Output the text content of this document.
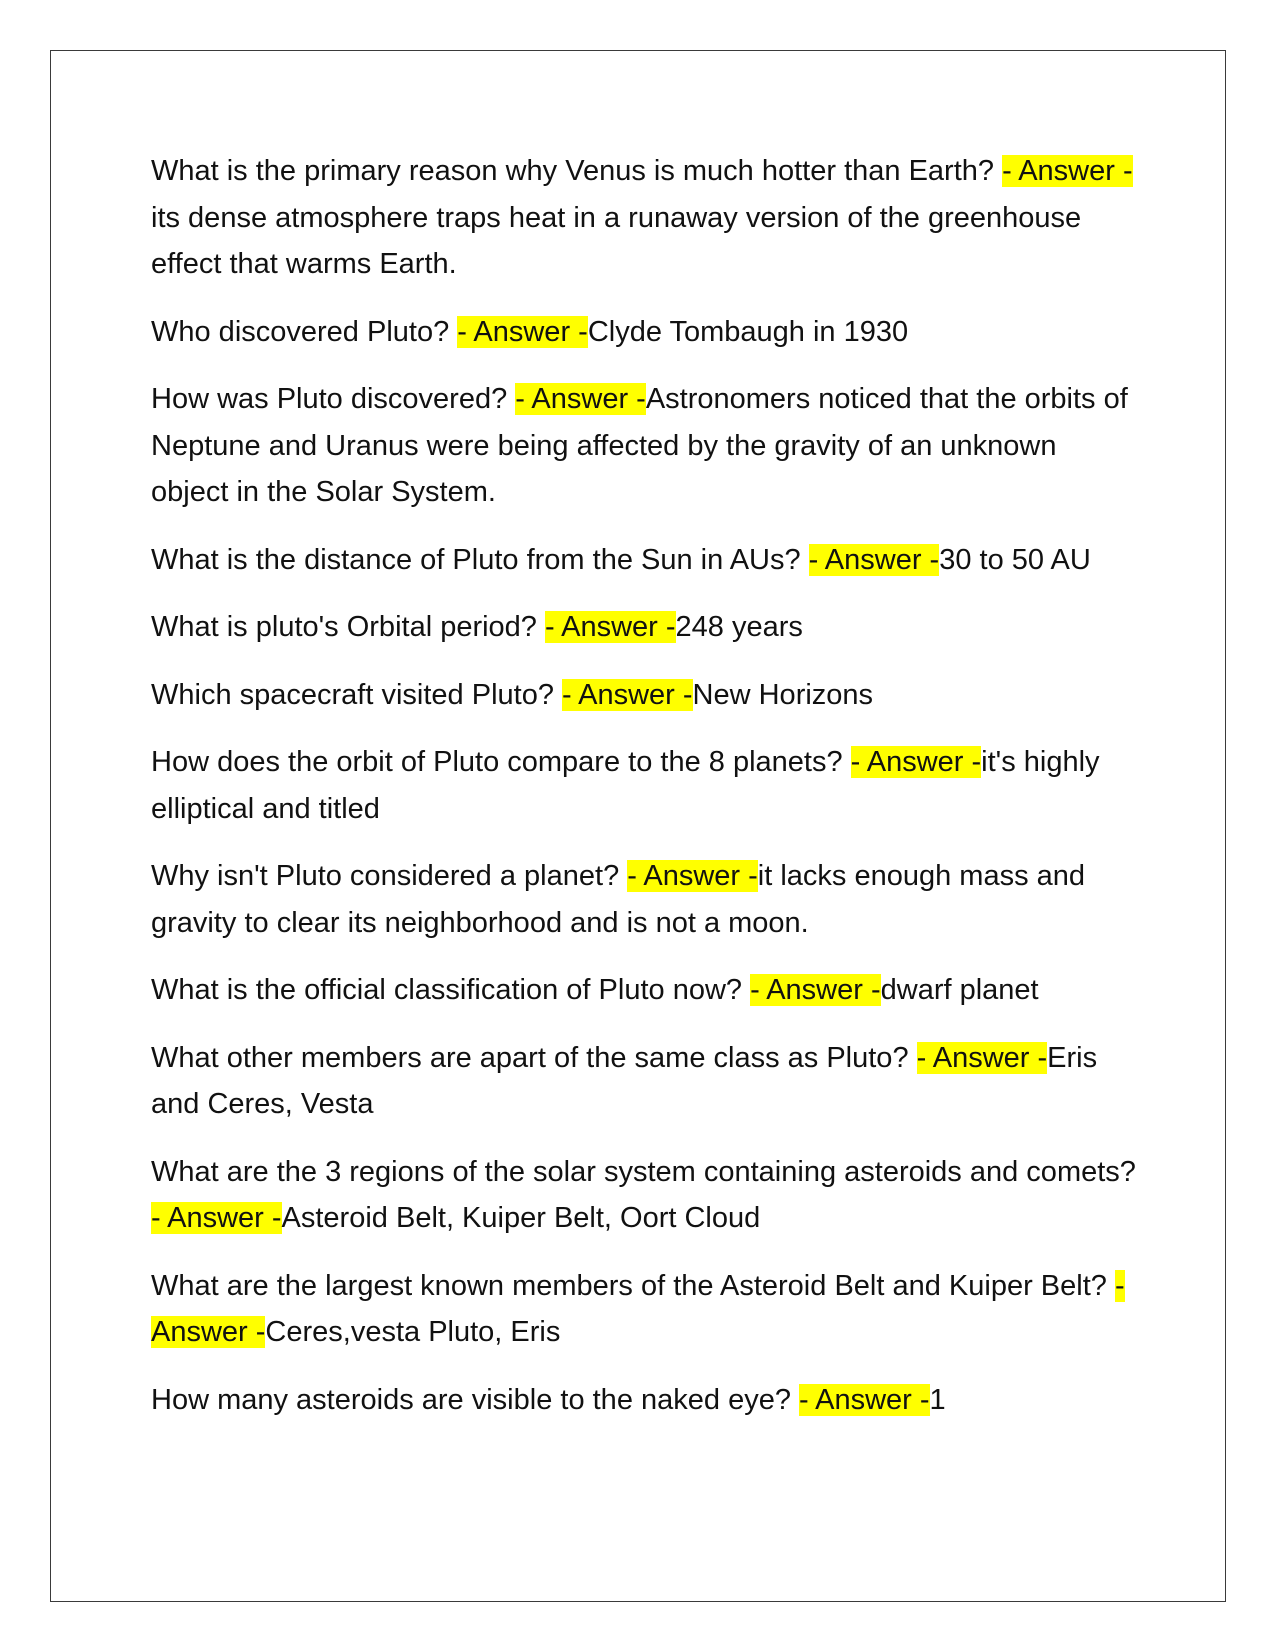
What is the primary reason why Venus is much hotter than Earth? - Answer -its dense atmosphere traps heat in a runaway version of the greenhouse effect that warms Earth.

Who discovered Pluto? - Answer -Clyde Tombaugh in 1930

How was Pluto discovered? - Answer -Astronomers noticed that the orbits of Neptune and Uranus were being affected by the gravity of an unknown object in the Solar System.

What is the distance of Pluto from the Sun in AUs? - Answer -30 to 50 AU

What is pluto's Orbital period? - Answer -248 years

Which spacecraft visited Pluto? - Answer -New Horizons

How does the orbit of Pluto compare to the 8 planets? - Answer -it's highly elliptical and titled

Why isn't Pluto considered a planet? - Answer -it lacks enough mass and gravity to clear its neighborhood and is not a moon.

What is the official classification of Pluto now? - Answer -dwarf planet

What other members are apart of the same class as Pluto? - Answer -Eris and Ceres, Vesta

What are the 3 regions of the solar system containing asteroids and comets? - Answer -Asteroid Belt, Kuiper Belt, Oort Cloud

What are the largest known members of the Asteroid Belt and Kuiper Belt? - Answer -Ceres,vesta Pluto, Eris

How many asteroids are visible to the naked eye? - Answer -1
